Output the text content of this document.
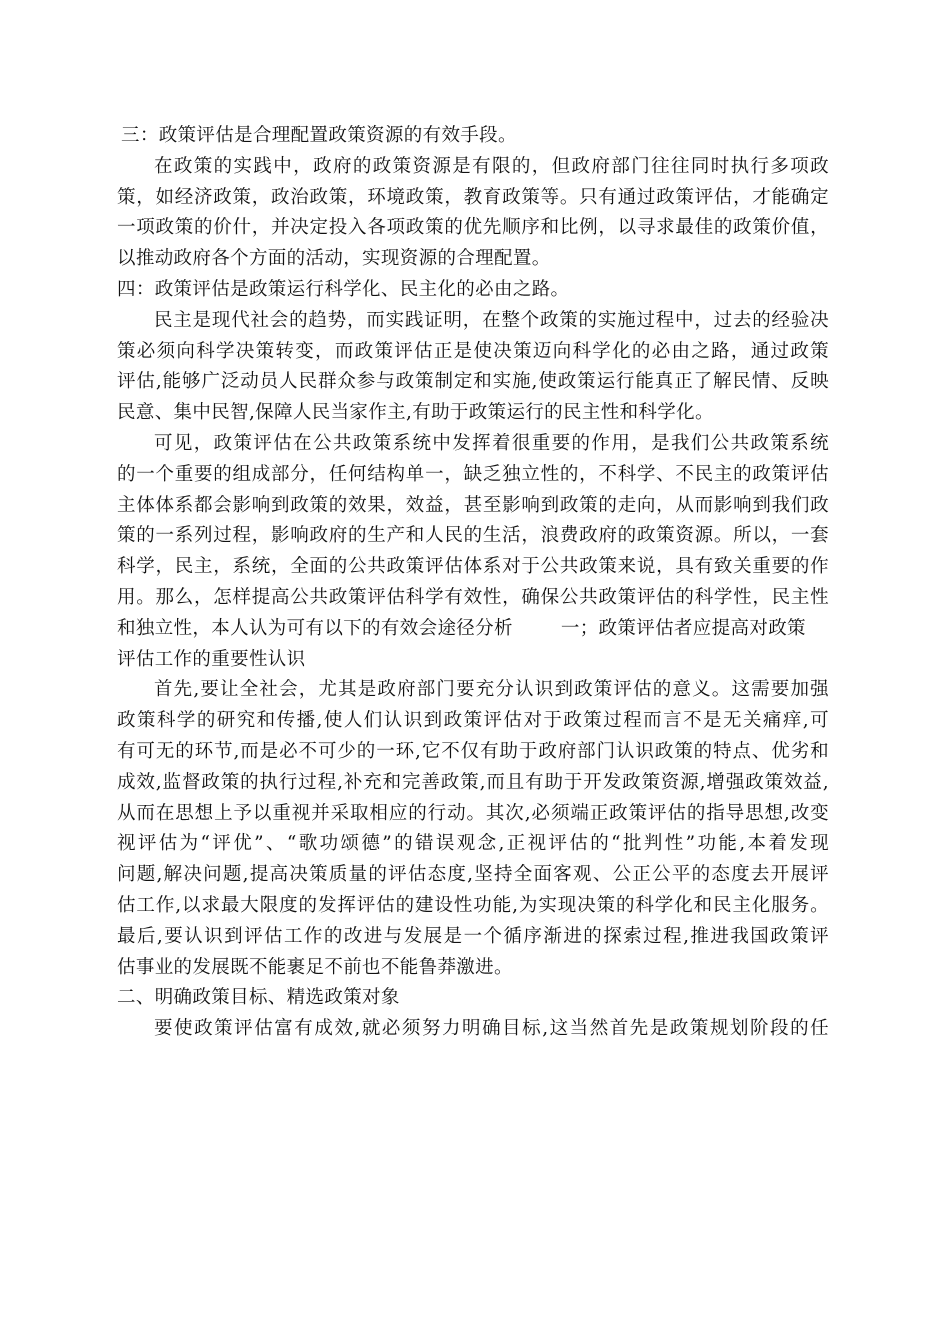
三：政策评估是合理配置政策资源的有效手段。
在政策的实践中，政府的政策资源是有限的，但政府部门往往同时执行多项政
策，如经济政策，政治政策，环境政策，教育政策等。只有通过政策评估，才能确定
一项政策的价什，并决定投入各项政策的优先顺序和比例，以寻求最佳的政策价值，
以推动政府各个方面的活动，实现资源的合理配置。
四：政策评估是政策运行科学化、民主化的必由之路。
民主是现代社会的趋势，而实践证明，在整个政策的实施过程中，过去的经验决
策必须向科学决策转变，而政策评估正是使决策迈向科学化的必由之路，通过政策
评估,能够广泛动员人民群众参与政策制定和实施,使政策运行能真正了解民情、反映
民意、集中民智,保障人民当家作主,有助于政策运行的民主性和科学化。
可见，政策评估在公共政策系统中发挥着很重要的作用，是我们公共政策系统
的一个重要的组成部分，任何结构单一，缺乏独立性的，不科学、不民主的政策评估
主体体系都会影响到政策的效果，效益，甚至影响到政策的走向，从而影响到我们政
策的一系列过程，影响政府的生产和人民的生活，浪费政府的政策资源。所以，一套
科学，民主，系统，全面的公共政策评估体系对于公共政策来说，具有致关重要的作
用。那么，怎样提高公共政策评估科学有效性，确保公共政策评估的科学性，民主性
和独立性，本人认为可有以下的有效会途径分析	一；政策评估者应提高对政策
评估工作的重要性认识
首先,要让全社会，尤其是政府部门要充分认识到政策评估的意义。这需要加强
政策科学的研究和传播,使人们认识到政策评估对于政策过程而言不是无关痛痒,可
有可无的环节,而是必不可少的一环,它不仅有助于政府部门认识政策的特点、优劣和
成效,监督政策的执行过程,补充和完善政策,而且有助于开发政策资源,增强政策效益,
从而在思想上予以重视并采取相应的行动。其次,必须端正政策评估的指导思想,改变
视评估为“评优”、“歌功颂德”的错误观念,正视评估的“批判性”功能,本着发现
问题,解决问题,提高决策质量的评估态度,坚持全面客观、公正公平的态度去开展评
估工作,以求最大限度的发挥评估的建设性功能,为实现决策的科学化和民主化服务。
最后,要认识到评估工作的改进与发展是一个循序渐进的探索过程,推进我国政策评
估事业的发展既不能裹足不前也不能鲁莽激进。
二、明确政策目标、精选政策对象
要使政策评估富有成效,就必须努力明确目标,这当然首先是政策规划阶段的任
